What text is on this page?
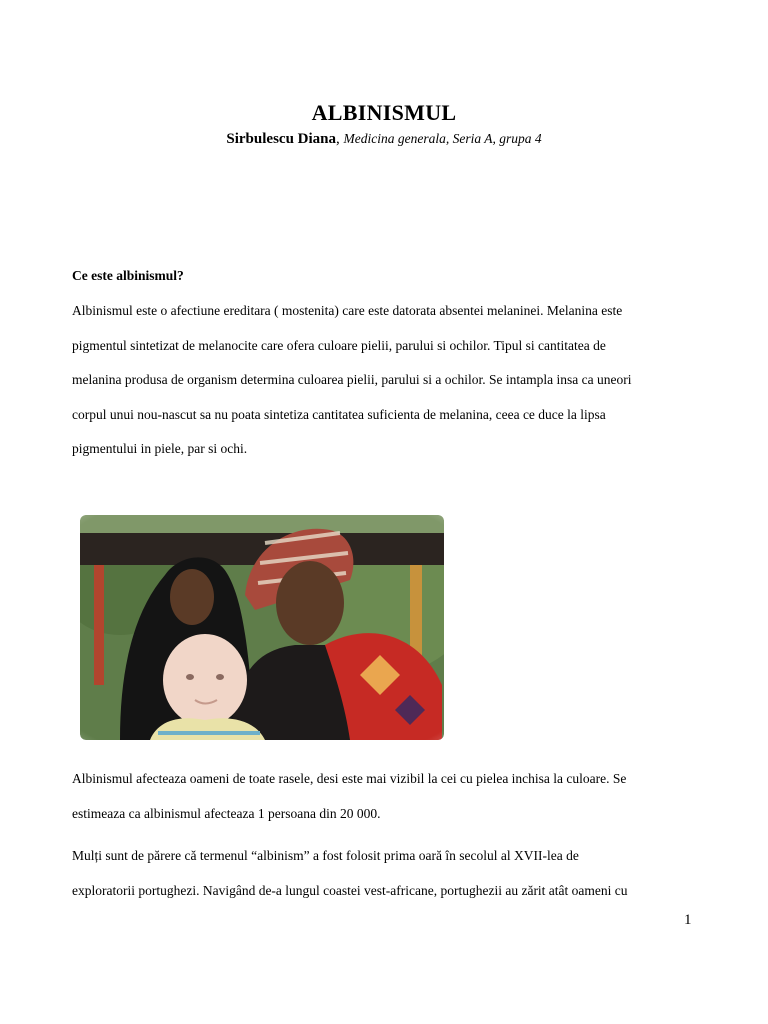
ALBINISMUL
Sirbulescu Diana, Medicina generala, Seria A, grupa 4
Ce este albinismul?
Albinismul este o afectiune ereditara ( mostenita) care este datorata absentei melaninei. Melanina este
pigmentul sintetizat de melanocite care ofera culoare pielii, parului si ochilor. Tipul si cantitatea de
melanina produsa de organism determina culoarea pielii, parului si a ochilor. Se intampla insa ca uneori
corpul unui nou-nascut sa nu poata sintetiza cantitatea suficienta de melanina, ceea ce duce la lipsa
pigmentului in piele, par si ochi.
Albinismul afecteaza oameni de toate rasele, desi este mai vizibil la cei cu pielea inchisa la culoare. Se
estimeaza ca albinismul afecteaza 1 persoana din 20 000.
Mulți sunt de părere că termenul “albinism” a fost folosit prima oară în secolul al XVII-lea de
exploratorii portughezi. Navigând de-a lungul coastei vest-africane, portughezii au zărit atât oameni cu
1
